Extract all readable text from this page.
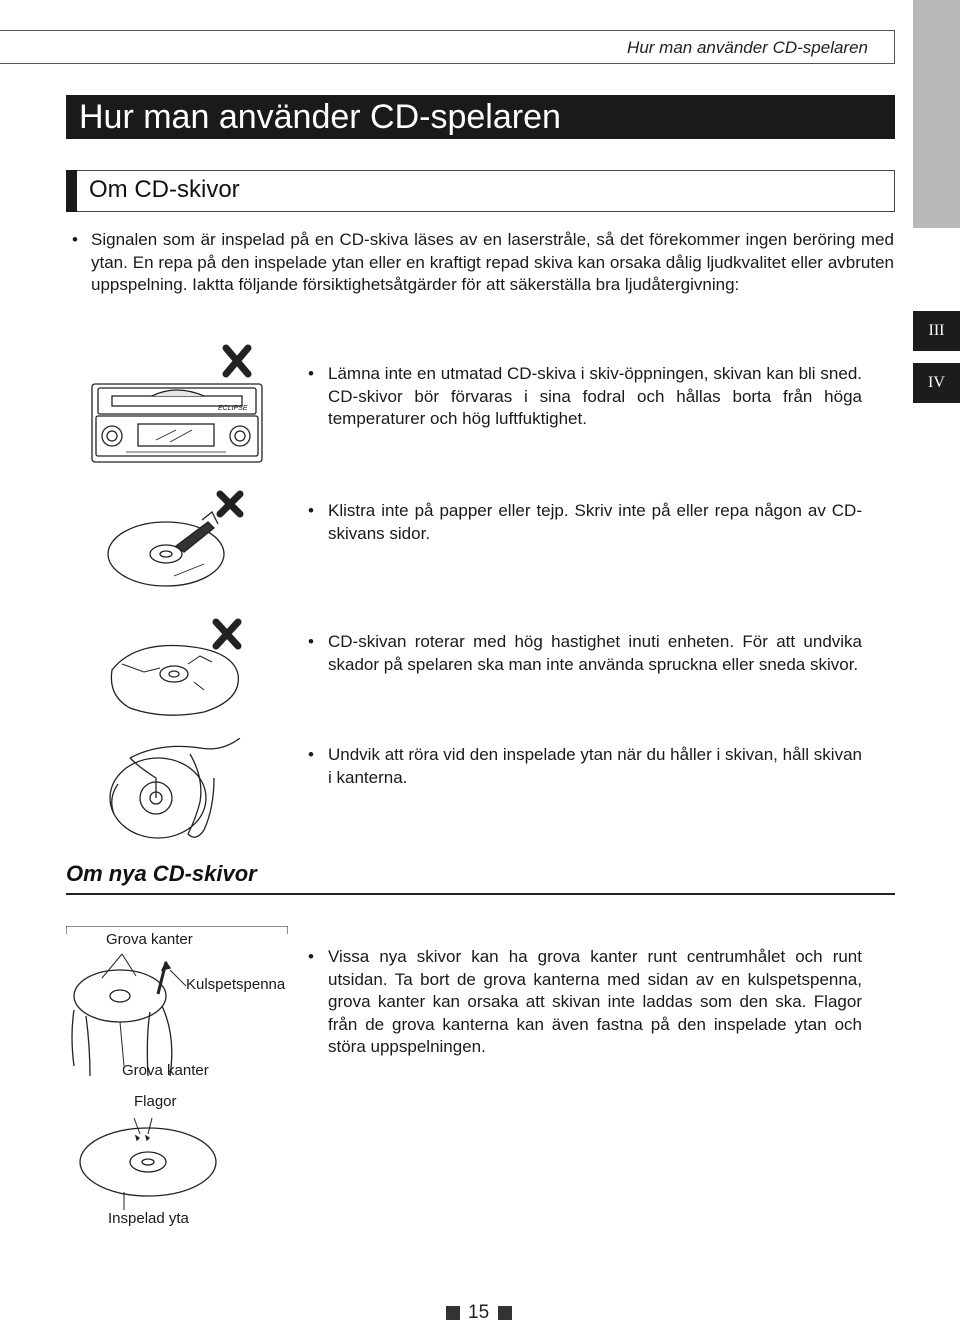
Hur man använder CD-spelaren
III
IV
Hur man använder CD-spelaren
Om CD-skivor
• Signalen som är inspelad på en CD-skiva läses av en laserstråle, så det förekommer ingen beröring med ytan. En repa på den inspelade ytan eller en kraftigt repad skiva kan orsaka dålig ljudkvalitet eller avbruten uppspelning. Iaktta följande försiktighetsåtgärder för att säkerställa bra ljudåtergivning:
ECLIPSE
• Lämna inte en utmatad CD-skiva i skiv-öppningen, skivan kan bli sned. CD-skivor bör förvaras i sina fodral och hållas borta från höga temperaturer och hög luftfuktighet.
• Klistra inte på papper eller tejp. Skriv inte på eller repa någon av CD-skivans sidor.
• CD-skivan roterar med hög hastighet inuti enheten. För att undvika skador på spelaren ska man inte använda spruckna eller sneda skivor.
• Undvik att röra vid den inspelade ytan när du håller i skivan, håll skivan i kanterna.
Om nya CD-skivor
Grova kanter
Kulspetspenna
Grova kanter
Flagor
Inspelad yta
• Vissa nya skivor kan ha grova kanter runt centrumhålet och runt utsidan. Ta bort de grova kanterna med sidan av en kulspetspenna, grova kanter kan orsaka att skivan inte laddas som den ska. Flagor från de grova kanterna kan även fastna på den inspelade ytan och störa uppspelningen.
15
